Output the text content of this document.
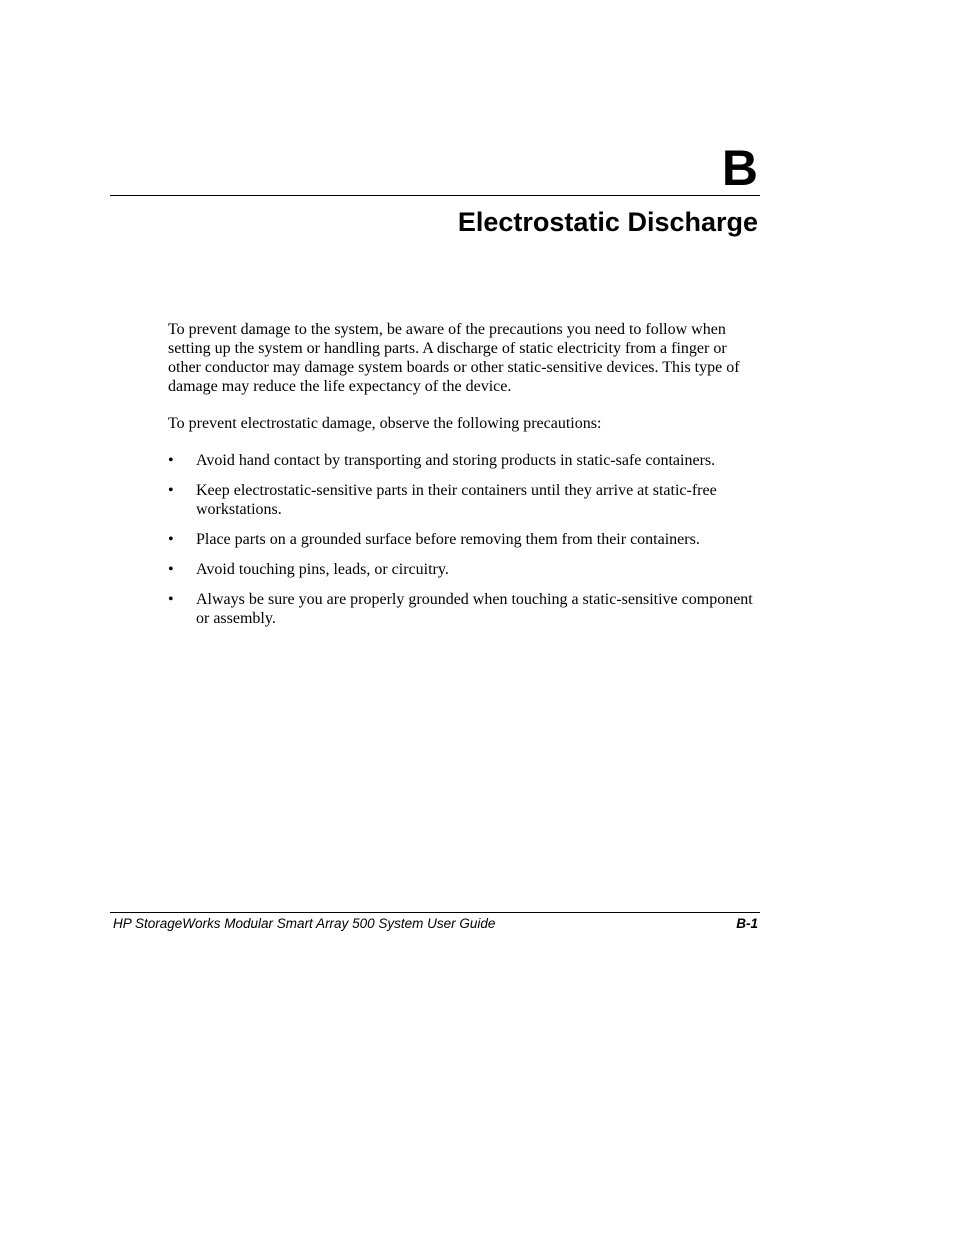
B
Electrostatic Discharge

To prevent damage to the system, be aware of the precautions you need to follow when setting up the system or handling parts. A discharge of static electricity from a finger or other conductor may damage system boards or other static-sensitive devices. This type of damage may reduce the life expectancy of the device.

To prevent electrostatic damage, observe the following precautions:

• Avoid hand contact by transporting and storing products in static-safe containers.
• Keep electrostatic-sensitive parts in their containers until they arrive at static-free workstations.
• Place parts on a grounded surface before removing them from their containers.
• Avoid touching pins, leads, or circuitry.
• Always be sure you are properly grounded when touching a static-sensitive component or assembly.
HP StorageWorks Modular Smart Array 500 System User Guide	B-1
